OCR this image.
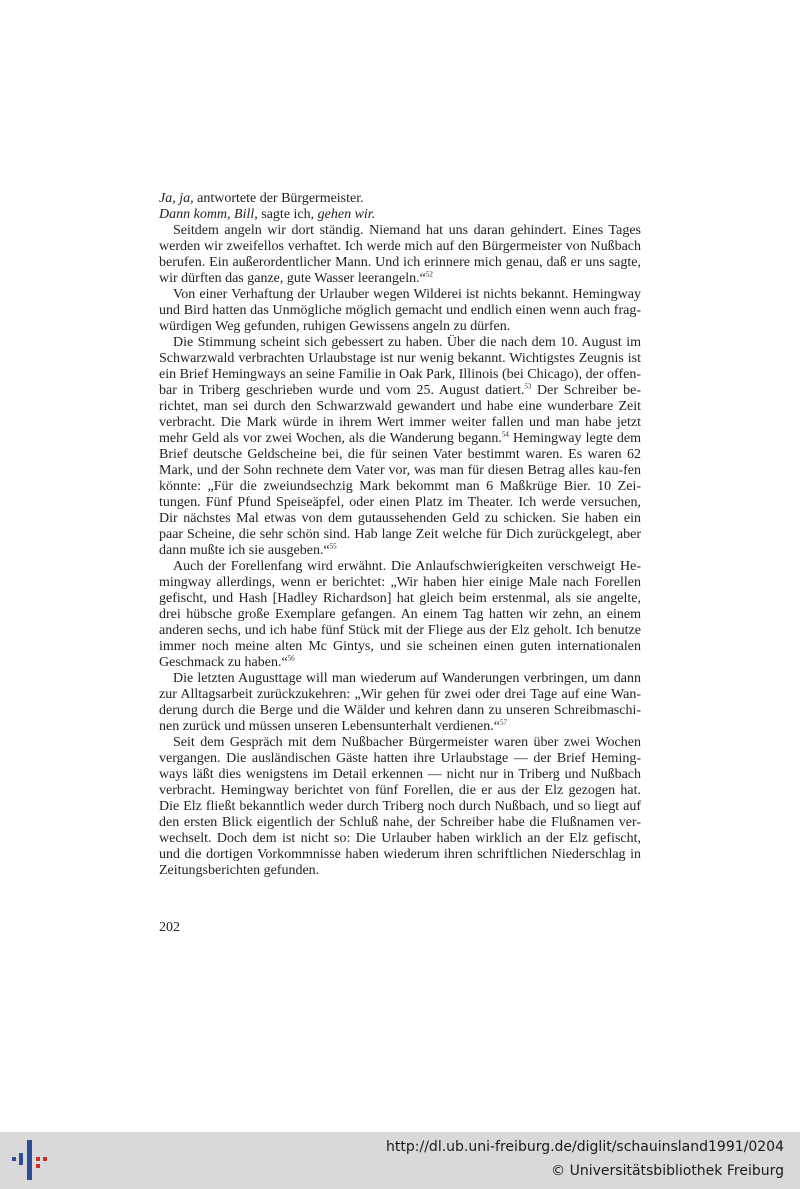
Ja, ja, antwortete der Bürgermeister.

Dann komm, Bill, sagte ich, gehen wir.

Seitdem angeln wir dort ständig. Niemand hat uns daran gehindert. Eines Tages werden wir zweifellos verhaftet. Ich werde mich auf den Bürgermeister von Nußbach berufen. Ein außerordentlicher Mann. Und ich erinnere mich genau, daß er uns sagte, wir dürften das ganze, gute Wasser leerangeln.“$^{52}$

Von einer Verhaftung der Urlauber wegen Wilderei ist nichts bekannt. Hemingway und Bird hatten das Unmögliche möglich gemacht und endlich einen wenn auch frag-würdigen Weg gefunden, ruhigen Gewissens angeln zu dürfen.

Die Stimmung scheint sich gebessert zu haben. Über die nach dem 10. August im Schwarzwald verbrachten Urlaubstage ist nur wenig bekannt. Wichtigstes Zeugnis ist ein Brief Hemingways an seine Familie in Oak Park, Illinois (bei Chicago), der offen-bar in Triberg geschrieben wurde und vom 25. August datiert.$^{53}$ Der Schreiber be-richtet, man sei durch den Schwarzwald gewandert und habe eine wunderbare Zeit verbracht. Die Mark würde in ihrem Wert immer weiter fallen und man habe jetzt mehr Geld als vor zwei Wochen, als die Wanderung begann.$^{54}$ Hemingway legte dem Brief deutsche Geldscheine bei, die für seinen Vater bestimmt waren. Es waren 62 Mark, und der Sohn rechnete dem Vater vor, was man für diesen Betrag alles kau-fen könnte: „Für die zweiundsechzig Mark bekommt man 6 Maßkrüge Bier. 10 Zei-tungen. Fünf Pfund Speiseäpfel, oder einen Platz im Theater. Ich werde versuchen, Dir nächstes Mal etwas von dem gutaussehenden Geld zu schicken. Sie haben ein paar Scheine, die sehr schön sind. Hab lange Zeit welche für Dich zurückgelegt, aber dann mußte ich sie ausgeben.“$^{55}$

Auch der Forellenfang wird erwähnt. Die Anlaufschwierigkeiten verschweigt He-mingway allerdings, wenn er berichtet: „Wir haben hier einige Male nach Forellen gefischt, und Hash [Hadley Richardson] hat gleich beim erstenmal, als sie angelte, drei hübsche große Exemplare gefangen. An einem Tag hatten wir zehn, an einem anderen sechs, und ich habe fünf Stück mit der Fliege aus der Elz geholt. Ich benutze immer noch meine alten Mc Gintys, und sie scheinen einen guten internationalen Geschmack zu haben.“$^{56}$

Die letzten Augusttage will man wiederum auf Wanderungen verbringen, um dann zur Alltagsarbeit zurückzukehren: „Wir gehen für zwei oder drei Tage auf eine Wan-derung durch die Berge und die Wälder und kehren dann zu unseren Schreibmaschi-nen zurück und müssen unseren Lebensunterhalt verdienen.“$^{57}$

Seit dem Gespräch mit dem Nußbacher Bürgermeister waren über zwei Wochen vergangen. Die ausländischen Gäste hatten ihre Urlaubstage — der Brief Heming-ways läßt dies wenigstens im Detail erkennen — nicht nur in Triberg und Nußbach verbracht. Hemingway berichtet von fünf Forellen, die er aus der Elz gezogen hat. Die Elz fließt bekanntlich weder durch Triberg noch durch Nußbach, und so liegt auf den ersten Blick eigentlich der Schluß nahe, der Schreiber habe die Flußnamen ver-wechselt. Doch dem ist nicht so: Die Urlauber haben wirklich an der Elz gefischt, und die dortigen Vorkommnisse haben wiederum ihren schriftlichen Niederschlag in Zeitungsberichten gefunden.

202
http://dl.ub.uni-freiburg.de/diglit/schauinsland1991/0204
© Universitätsbibliothek Freiburg
